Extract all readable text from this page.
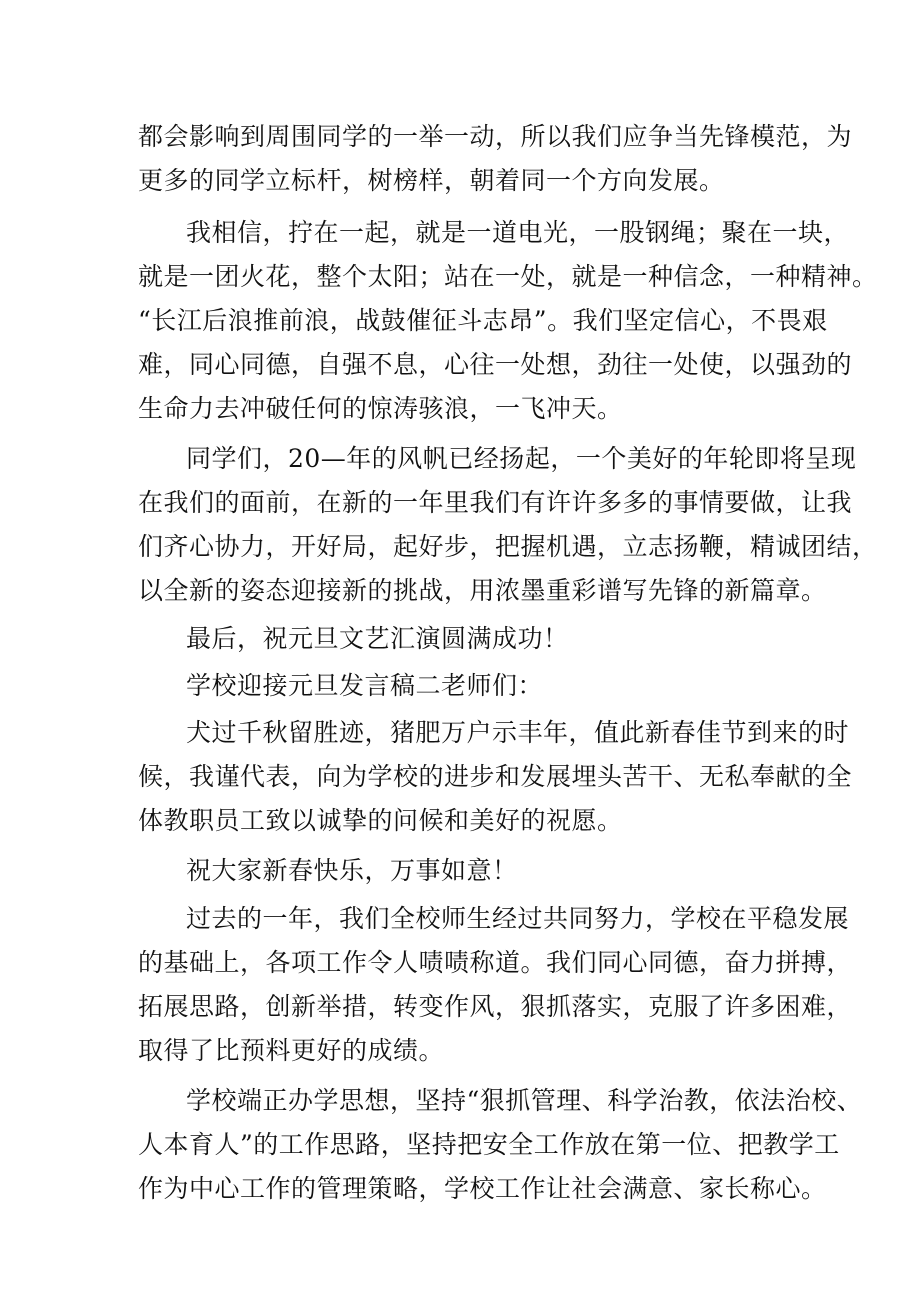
都会影响到周围同学的一举一动，所以我们应争当先锋模范，为
更多的同学立标杆，树榜样，朝着同一个方向发展。
我相信，拧在一起，就是一道电光，一股钢绳；聚在一块，
就是一团火花，整个太阳；站在一处，就是一种信念，一种精神。
“长江后浪推前浪，战鼓催征斗志昂”。我们坚定信心，不畏艰
难，同心同德，自强不息，心往一处想，劲往一处使，以强劲的
生命力去冲破任何的惊涛骇浪，一飞冲天。
同学们，20—年的风帆已经扬起，一个美好的年轮即将呈现
在我们的面前，在新的一年里我们有许许多多的事情要做，让我
们齐心协力，开好局，起好步，把握机遇，立志扬鞭，精诚团结，
以全新的姿态迎接新的挑战，用浓墨重彩谱写先锋的新篇章。
最后，祝元旦文艺汇演圆满成功！
学校迎接元旦发言稿二老师们：
犬过千秋留胜迹，猪肥万户示丰年，值此新春佳节到来的时
候，我谨代表，向为学校的进步和发展埋头苦干、无私奉献的全
体教职员工致以诚挚的问候和美好的祝愿。
祝大家新春快乐，万事如意！
过去的一年，我们全校师生经过共同努力，学校在平稳发展
的基础上，各项工作令人啧啧称道。我们同心同德，奋力拼搏，
拓展思路，创新举措，转变作风，狠抓落实，克服了许多困难，
取得了比预料更好的成绩。
学校端正办学思想，坚持“狠抓管理、科学治教，依法治校、
人本育人”的工作思路，坚持把安全工作放在第一位、把教学工
作为中心工作的管理策略，学校工作让社会满意、家长称心。
